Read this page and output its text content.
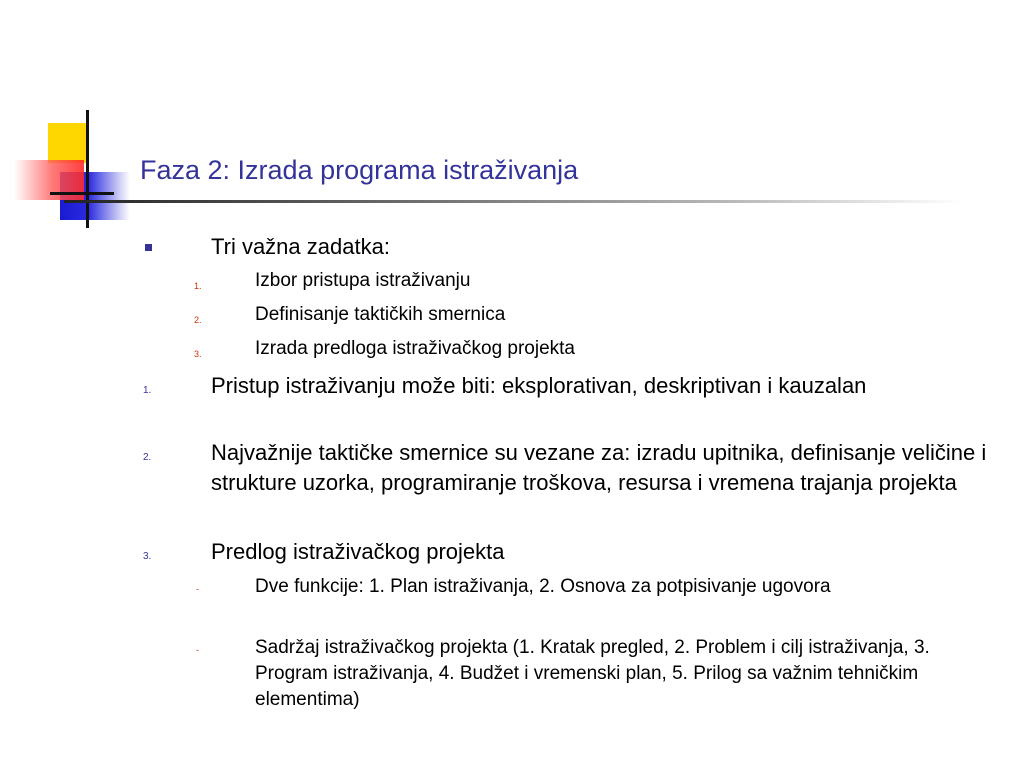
Faza 2: Izrada programa istraživanja
Tri važna zadatka:
1.	Izbor pristupa istraživanju
2.	Definisanje taktičkih smernica
3.	Izrada predloga istraživačkog projekta
1.	Pristup istraživanju može biti: eksplorativan, deskriptivan i kauzalan
2.	Najvažnije taktičke smernice su vezane za: izradu upitnika, definisanje veličine i strukture uzorka, programiranje troškova, resursa i vremena trajanja projekta
3.	Predlog istraživačkog projekta
-	Dve funkcije: 1. Plan istraživanja, 2. Osnova za potpisivanje ugovora
-	Sadržaj istraživačkog projekta (1. Kratak pregled, 2. Problem i cilj istraživanja, 3. Program istraživanja, 4. Budžet i vremenski plan, 5. Prilog sa važnim tehničkim elementima)
